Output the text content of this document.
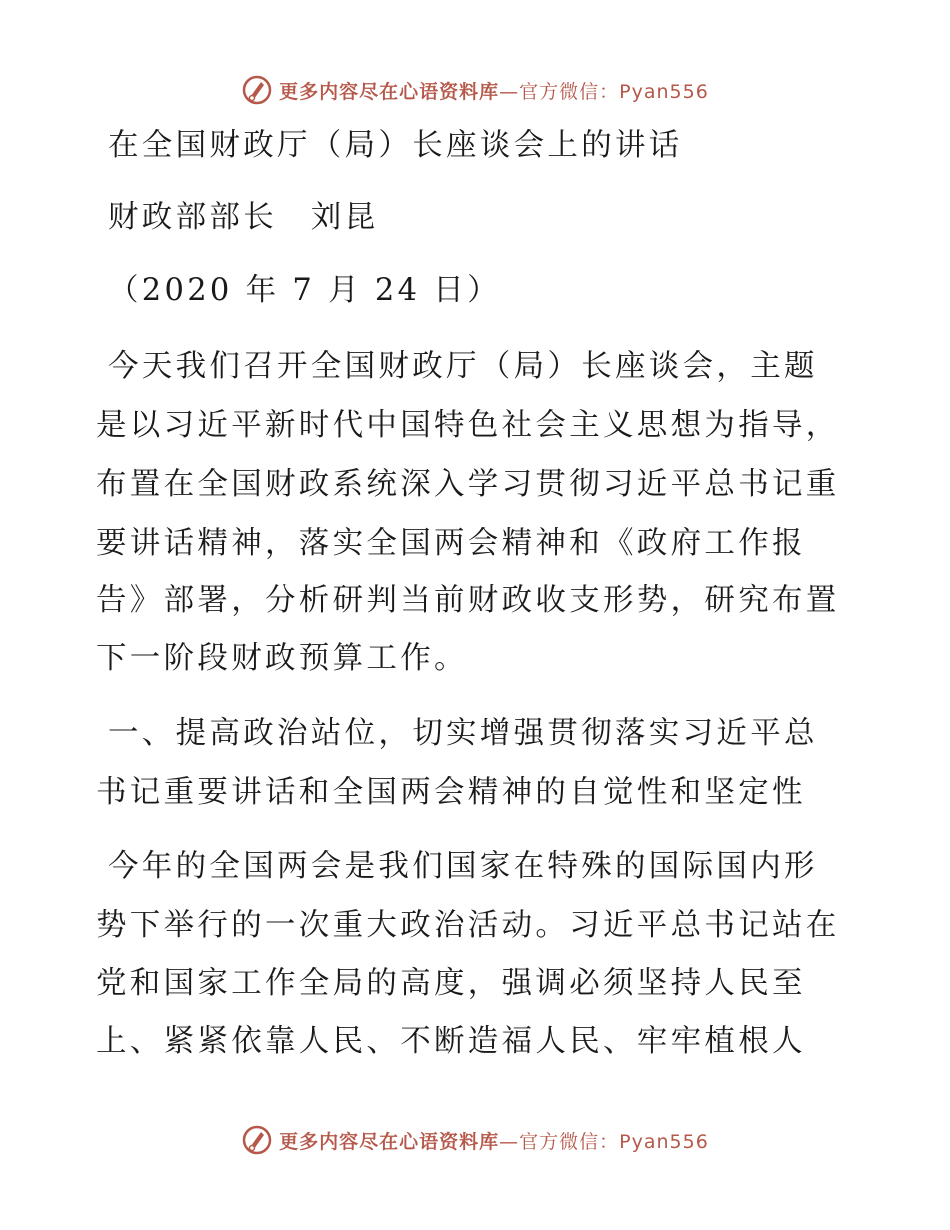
更多内容尽在心语资料库—官方微信：Pyan556
在全国财政厅（局）长座谈会上的讲话
财政部部长　刘昆
（2020 年 7 月 24 日）
今天我们召开全国财政厅（局）长座谈会，主题
是以习近平新时代中国特色社会主义思想为指导，
布置在全国财政系统深入学习贯彻习近平总书记重
要讲话精神，落实全国两会精神和《政府工作报
告》部署，分析研判当前财政收支形势，研究布置
下一阶段财政预算工作。
一、提高政治站位，切实增强贯彻落实习近平总
书记重要讲话和全国两会精神的自觉性和坚定性
今年的全国两会是我们国家在特殊的国际国内形
势下举行的一次重大政治活动。习近平总书记站在
党和国家工作全局的高度，强调必须坚持人民至
上、紧紧依靠人民、不断造福人民、牢牢植根人
更多内容尽在心语资料库—官方微信：Pyan556
